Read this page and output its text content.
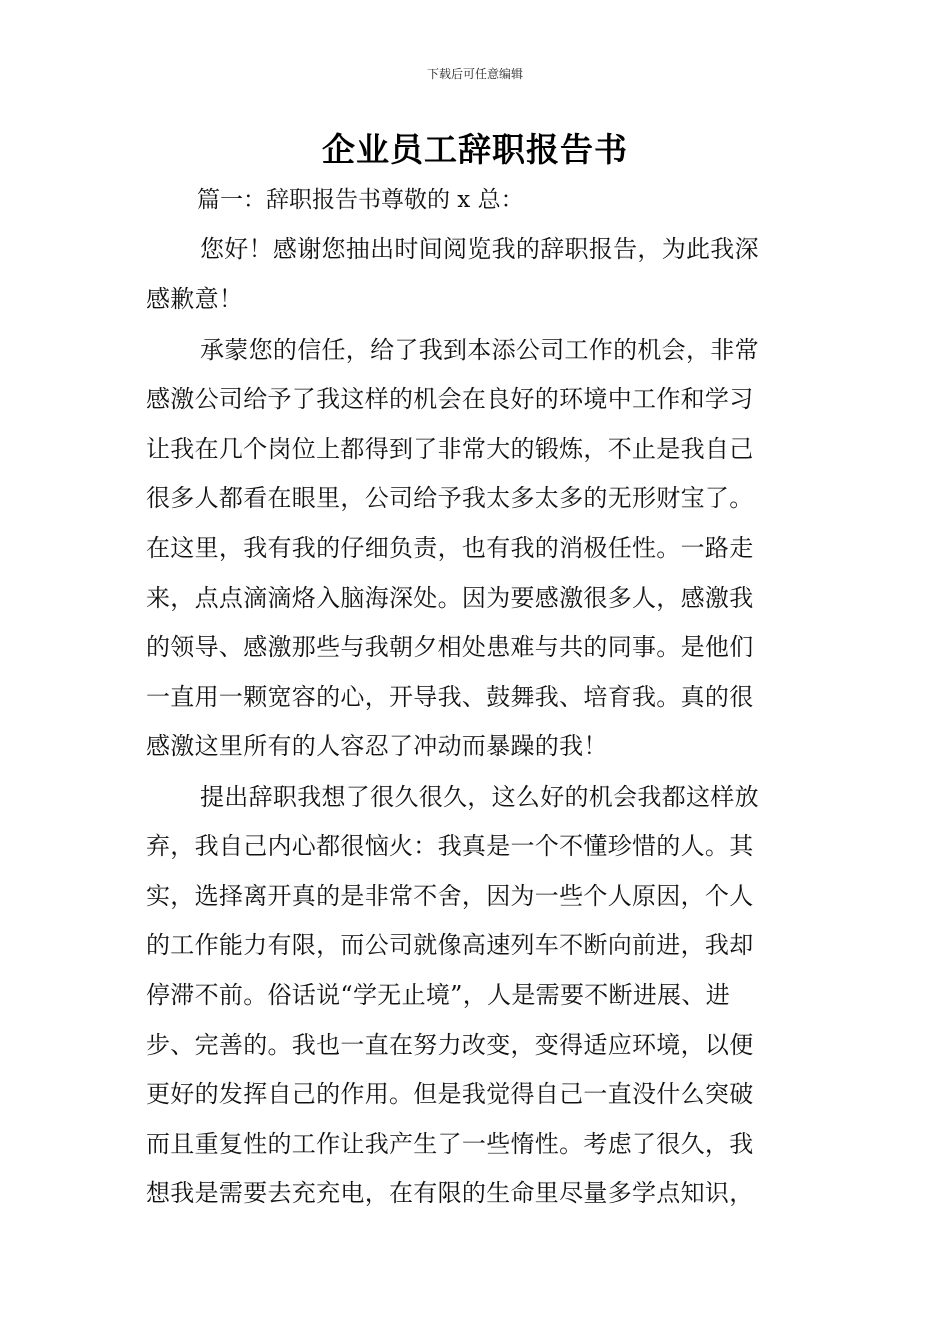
下载后可任意编辑
企业员工辞职报告书
篇一：辞职报告书尊敬的 x 总：
您好！感谢您抽出时间阅览我的辞职报告，为此我深
感歉意！
承蒙您的信任，给了我到本添公司工作的机会，非常
感激公司给予了我这样的机会在良好的环境中工作和学习
让我在几个岗位上都得到了非常大的锻炼，不止是我自己
很多人都看在眼里，公司给予我太多太多的无形财宝了。
在这里，我有我的仔细负责，也有我的消极任性。一路走
来，点点滴滴烙入脑海深处。因为要感激很多人，感激我
的领导、感激那些与我朝夕相处患难与共的同事。是他们
一直用一颗宽容的心，开导我、鼓舞我、培育我。真的很
感激这里所有的人容忍了冲动而暴躁的我！
提出辞职我想了很久很久，这么好的机会我都这样放
弃，我自己内心都很恼火：我真是一个不懂珍惜的人。其
实，选择离开真的是非常不舍，因为一些个人原因，个人
的工作能力有限，而公司就像高速列车不断向前进，我却
停滞不前。俗话说“学无止境”，人是需要不断进展、进
步、完善的。我也一直在努力改变，变得适应环境，以便
更好的发挥自己的作用。但是我觉得自己一直没什么突破
而且重复性的工作让我产生了一些惰性。考虑了很久，我
想我是需要去充充电，在有限的生命里尽量多学点知识，
